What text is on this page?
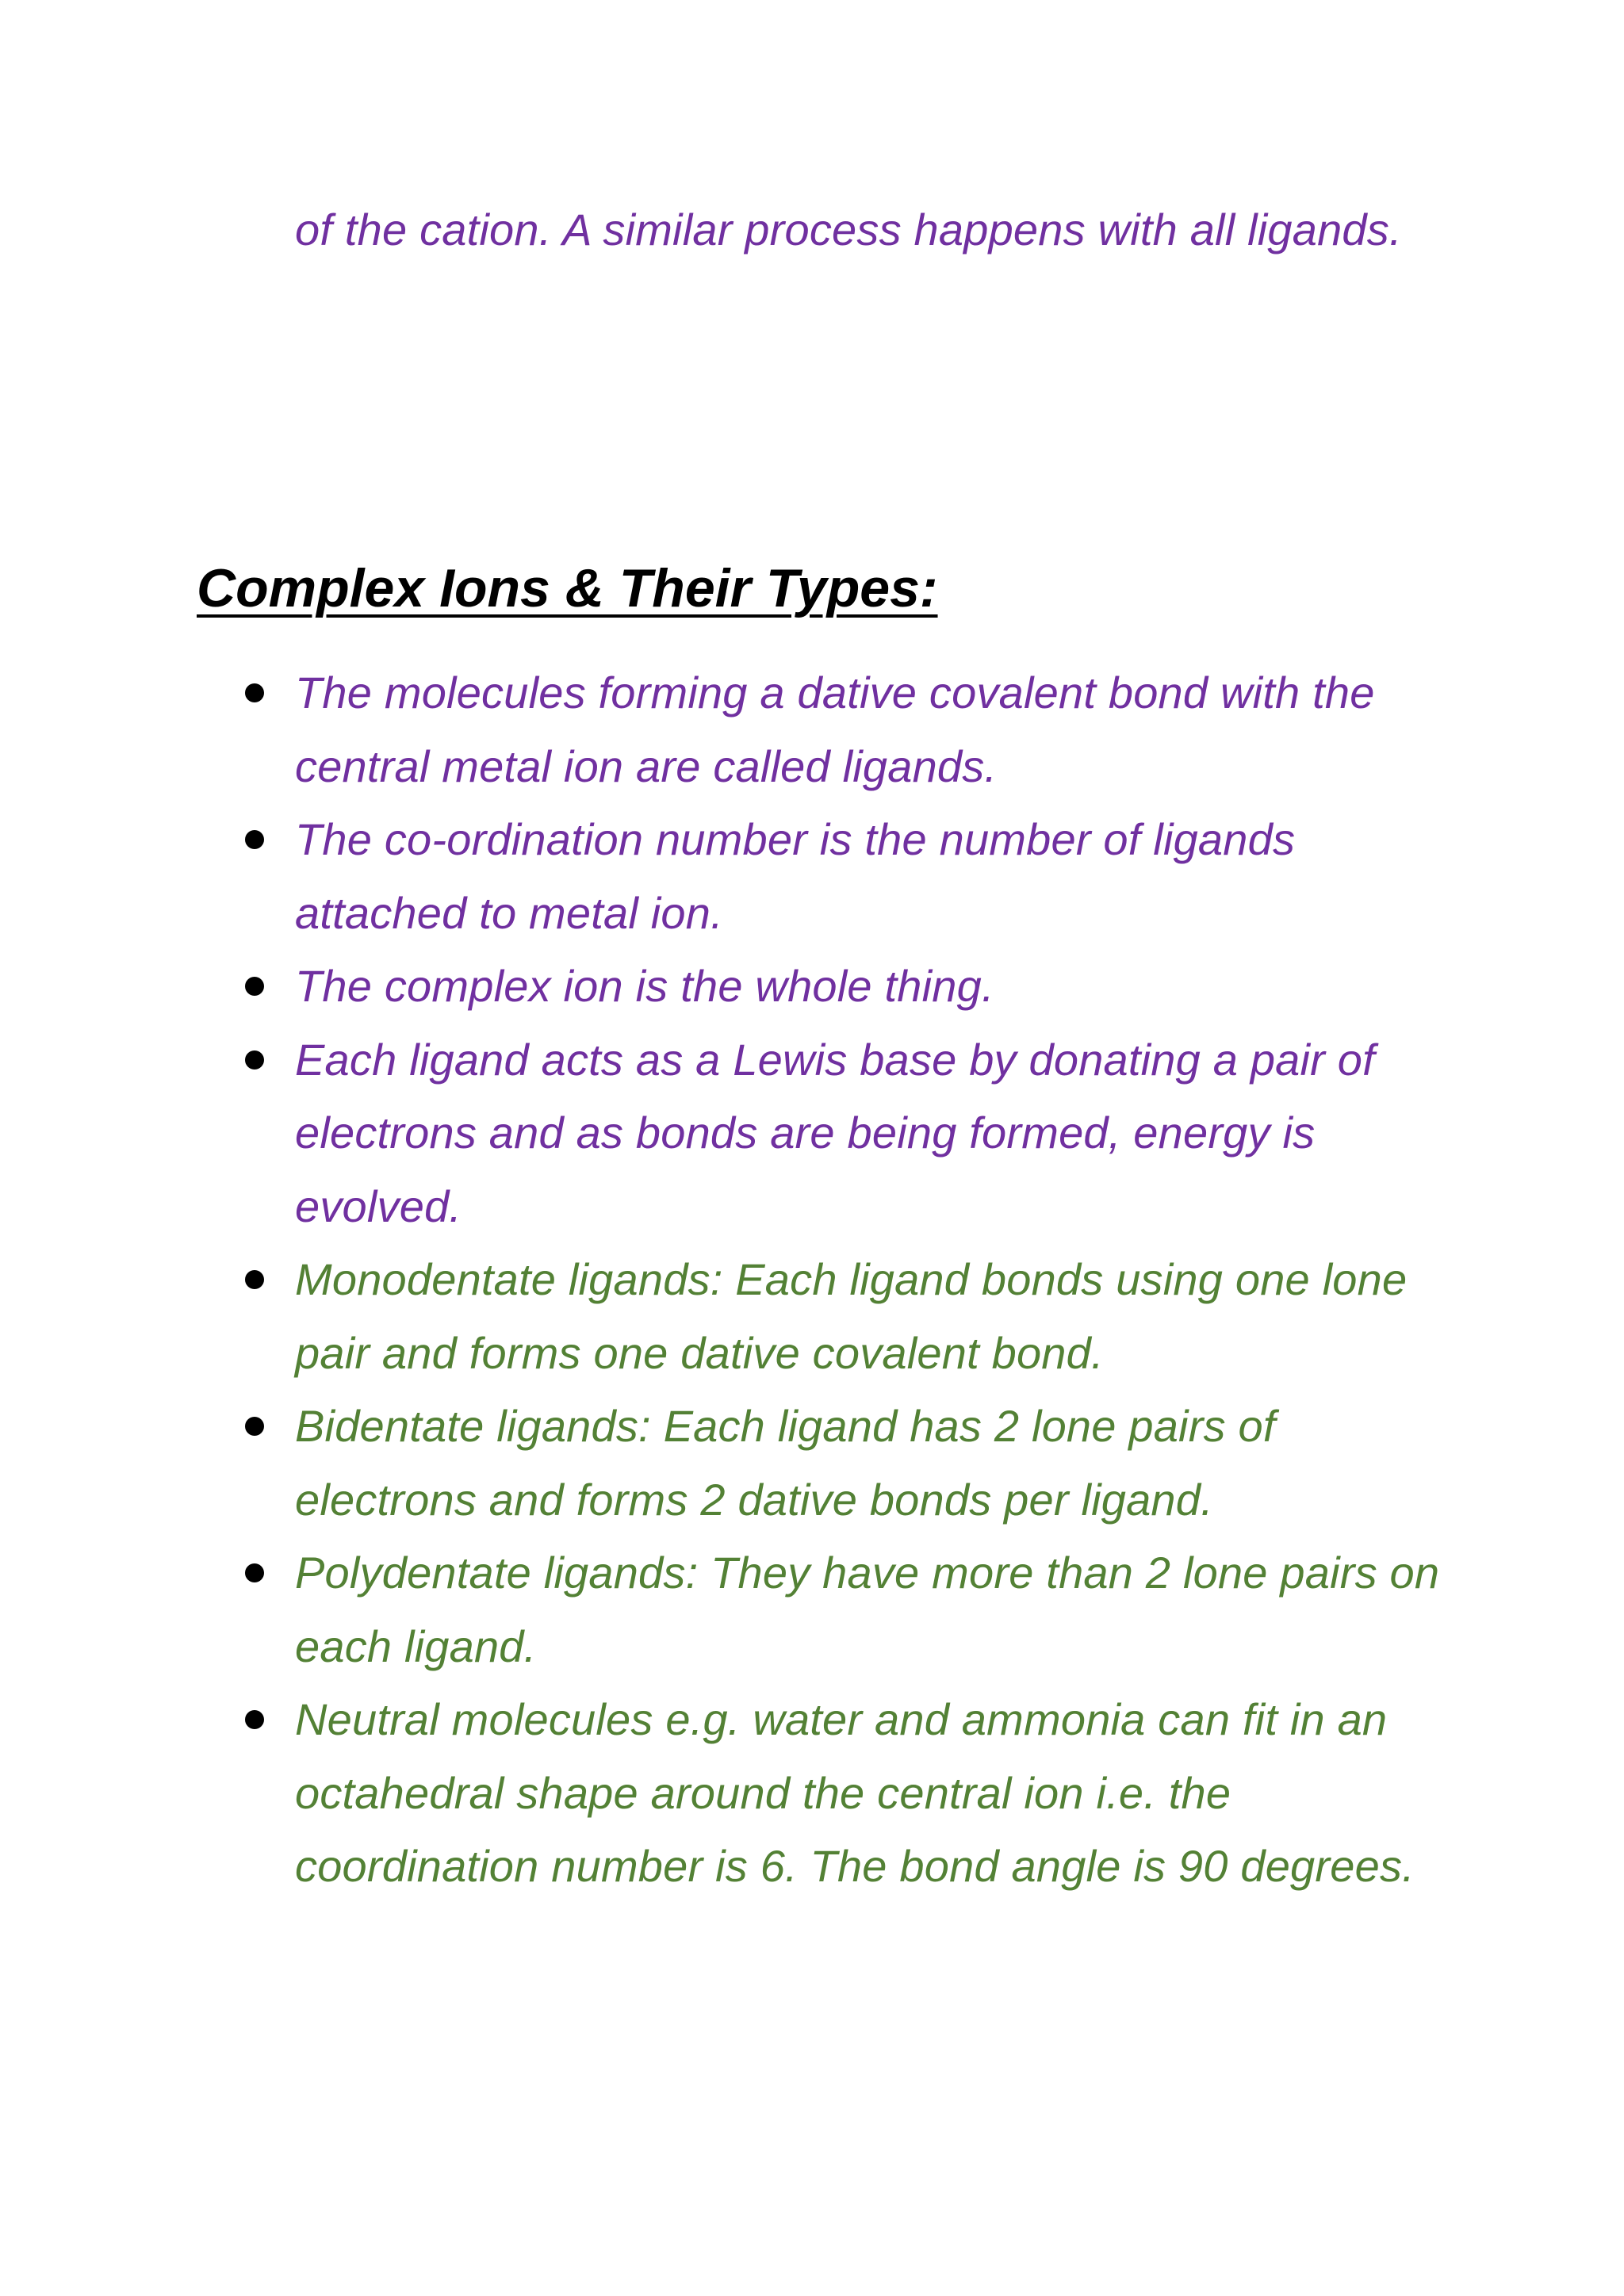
of the cation. A similar process happens with all ligands.

Complex Ions & Their Types:
The molecules forming a dative covalent bond with the central metal ion are called ligands.
The co-ordination number is the number of ligands attached to metal ion.
The complex ion is the whole thing.
Each ligand acts as a Lewis base by donating a pair of electrons and as bonds are being formed, energy is evolved.
Monodentate ligands: Each ligand bonds using one lone pair and forms one dative covalent bond.
Bidentate ligands: Each ligand has 2 lone pairs of electrons and forms 2 dative bonds per ligand.
Polydentate ligands: They have more than 2 lone pairs on each ligand.
Neutral molecules e.g. water and ammonia can fit in an octahedral shape around the central ion i.e. the coordination number is 6. The bond angle is 90 degrees.
